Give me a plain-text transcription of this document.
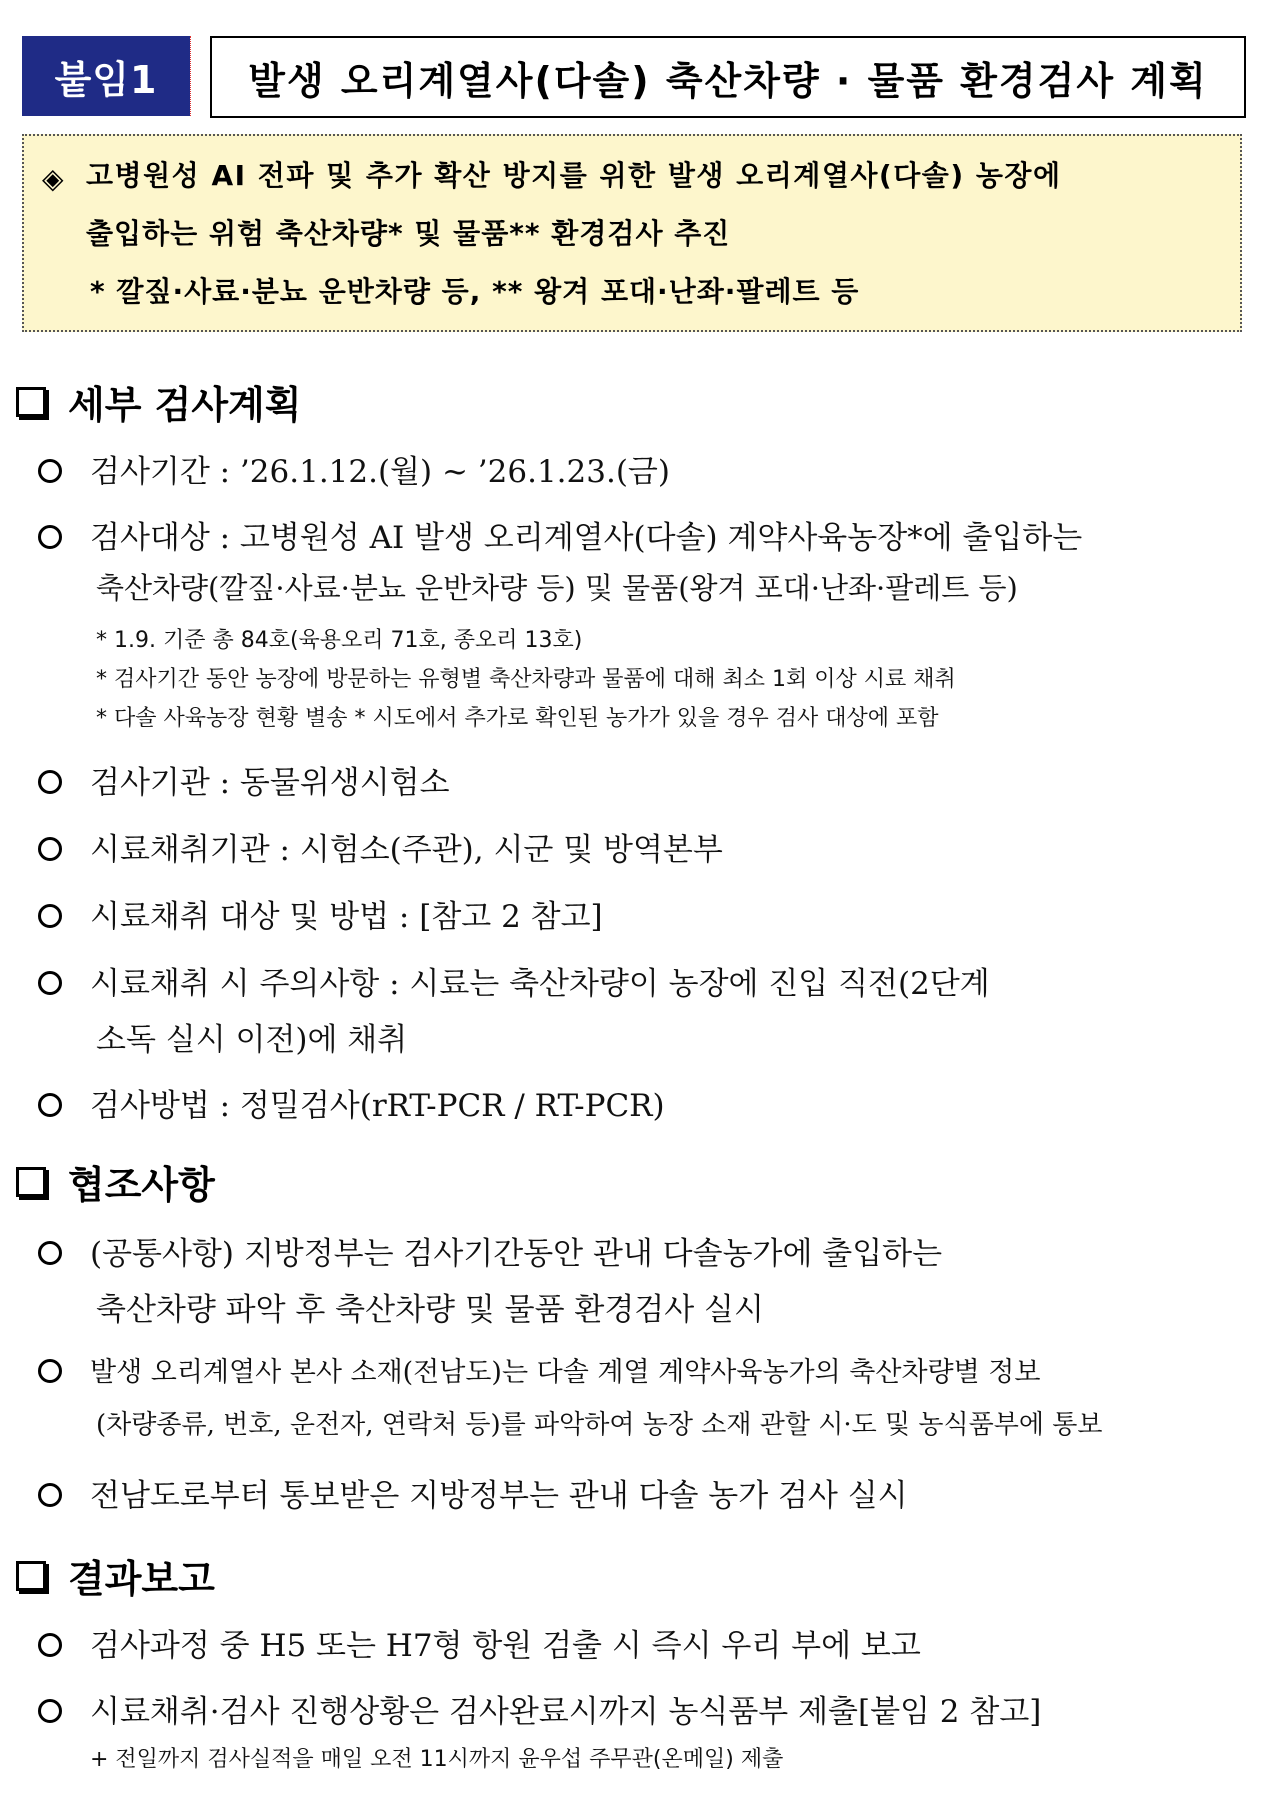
붙임1	발생 오리계열사(다솔) 축산차량 · 물품 환경검사 계획
◈ 고병원성 AI 전파 및 추가 확산 방지를 위한 발생 오리계열사(다솔) 농장에
출입하는 위험 축산차량* 및 물품** 환경검사 추진
* 깔짚·사료·분뇨 운반차량 등, ** 왕겨 포대·난좌·팔레트 등
세부 검사계획
검사기간 : ’26.1.12.(월) ~ ’26.1.23.(금)
검사대상 : 고병원성 AI 발생 오리계열사(다솔) 계약사육농장*에 출입하는
축산차량(깔짚·사료·분뇨 운반차량 등) 및 물품(왕겨 포대·난좌·팔레트 등)
* 1.9. 기준 총 84호(육용오리 71호, 종오리 13호)
* 검사기간 동안 농장에 방문하는 유형별 축산차량과 물품에 대해 최소 1회 이상 시료 채취
* 다솔 사육농장 현황 별송 * 시도에서 추가로 확인된 농가가 있을 경우 검사 대상에 포함
검사기관 : 동물위생시험소
시료채취기관 : 시험소(주관), 시군 및 방역본부
시료채취 대상 및 방법 : [참고 2 참고]
시료채취 시 주의사항 : 시료는 축산차량이 농장에 진입 직전(2단계
소독 실시 이전)에 채취
검사방법 : 정밀검사(rRT-PCR / RT-PCR)
협조사항
(공통사항) 지방정부는 검사기간동안 관내 다솔농가에 출입하는
축산차량 파악 후 축산차량 및 물품 환경검사 실시
발생 오리계열사 본사 소재(전남도)는 다솔 계열 계약사육농가의 축산차량별 정보
(차량종류, 번호, 운전자, 연락처 등)를 파악하여 농장 소재 관할 시·도 및 농식품부에 통보
전남도로부터 통보받은 지방정부는 관내 다솔 농가 검사 실시
결과보고
검사과정 중 H5 또는 H7형 항원 검출 시 즉시 우리 부에 보고
시료채취·검사 진행상황은 검사완료시까지 농식품부 제출[붙임 2 참고]
+ 전일까지 검사실적을 매일 오전 11시까지 윤우섭 주무관(온메일) 제출
